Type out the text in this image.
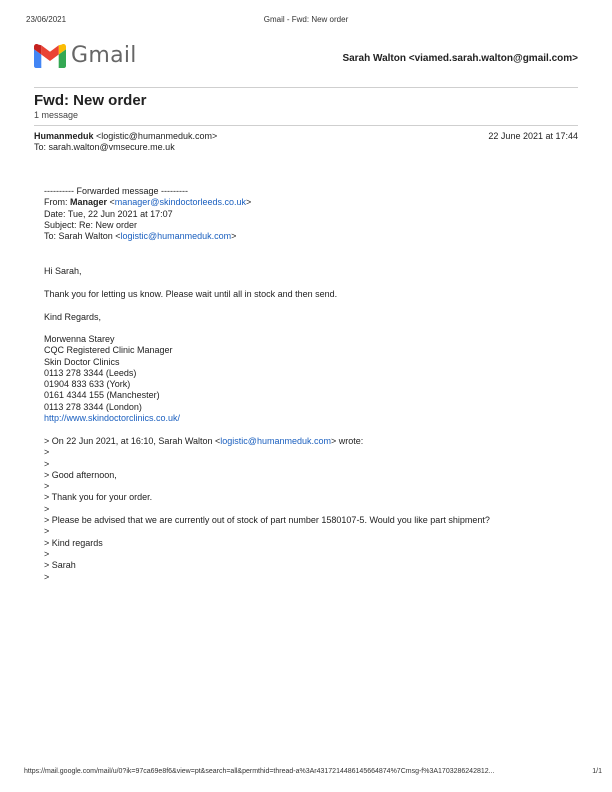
23/06/2021	Gmail - Fwd: New order
Gmail	Sarah Walton <viamed.sarah.walton@gmail.com>
Fwd: New order
1 message
Humanmeduk <logistic@humanmeduk.com>	22 June 2021 at 17:44
To: sarah.walton@vmsecure.me.uk
---------- Forwarded message ---------
From: Manager <manager@skindoctorleeds.co.uk>
Date: Tue, 22 Jun 2021 at 17:07
Subject: Re: New order
To: Sarah Walton <logistic@humanmeduk.com>
Hi Sarah,
Thank you for letting us know. Please wait until all in stock and then send.
Kind Regards,
Morwenna Starey
CQC Registered Clinic Manager
Skin Doctor Clinics
0113 278 3344 (Leeds)
01904 833 633 (York)
0161 4344 155 (Manchester)
0113 278 3344 (London)
http://www.skindoctorclinics.co.uk/
> On 22 Jun 2021, at 16:10, Sarah Walton <logistic@humanmeduk.com> wrote:
>
>
> Good afternoon,
>
> Thank you for your order.
>
> Please be advised that we are currently out of stock of part number 1580107-5. Would you like part shipment?
>
> Kind regards
>
> Sarah
>
https://mail.google.com/mail/u/0?ik=97ca69e8f6&view=pt&search=all&permthid=thread-a%3Ar4317214486145664874%7Cmsg-f%3A1703286242812...	1/1
